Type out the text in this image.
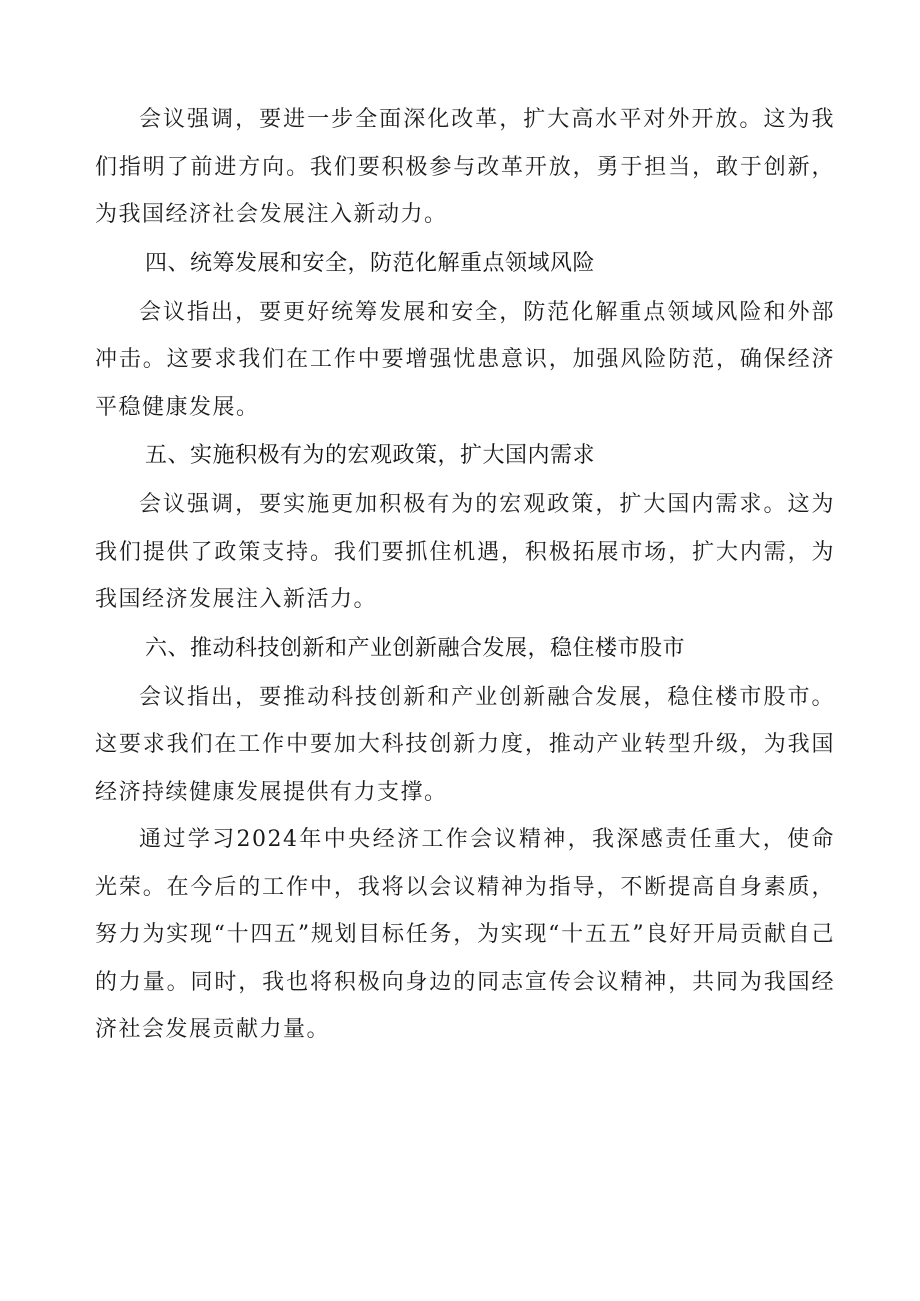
会议强调，要进一步全面深化改革，扩大高水平对外开放。这为我们指明了前进方向。我们要积极参与改革开放，勇于担当，敢于创新，为我国经济社会发展注入新动力。

四、统筹发展和安全，防范化解重点领域风险

会议指出，要更好统筹发展和安全，防范化解重点领域风险和外部冲击。这要求我们在工作中要增强忧患意识，加强风险防范，确保经济平稳健康发展。

五、实施积极有为的宏观政策，扩大国内需求

会议强调，要实施更加积极有为的宏观政策，扩大国内需求。这为我们提供了政策支持。我们要抓住机遇，积极拓展市场，扩大内需，为我国经济发展注入新活力。

六、推动科技创新和产业创新融合发展，稳住楼市股市

会议指出，要推动科技创新和产业创新融合发展，稳住楼市股市。这要求我们在工作中要加大科技创新力度，推动产业转型升级，为我国经济持续健康发展提供有力支撑。

通过学习2024年中央经济工作会议精神，我深感责任重大，使命光荣。在今后的工作中，我将以会议精神为指导，不断提高自身素质，努力为实现“十四五”规划目标任务，为实现“十五五”良好开局贡献自己的力量。同时，我也将积极向身边的同志宣传会议精神，共同为我国经济社会发展贡献力量。
